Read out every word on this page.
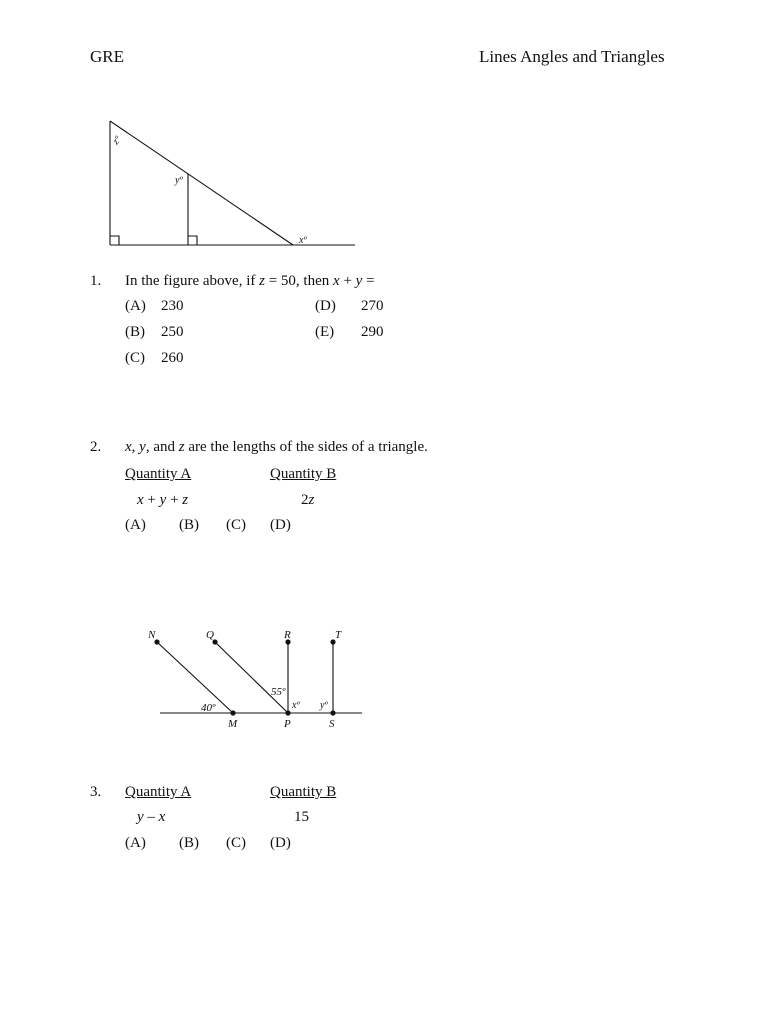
GRE	Lines Angles and Triangles
zº
yº
xº
1. In the figure above, if z = 50, then x + y =
(A) 230
(B) 250
(C) 260
(D) 270
(E) 290
2. x, y, and z are the lengths of the sides of a triangle.
Quantity A	Quantity B
x + y + z	2z
(A) (B) (C) (D)
N	Q	R	T
M	P	S
40º
55º
xº yº
3. Quantity A	Quantity B
y – x	15
(A) (B) (C) (D)
